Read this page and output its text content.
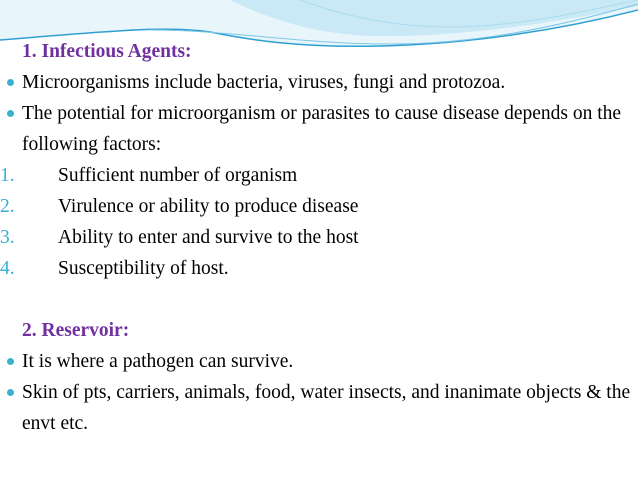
1. Infectious Agents:
Microorganisms include bacteria, viruses, fungi and protozoa.
The potential for microorganism or parasites to cause disease depends on the following factors:
1.	Sufficient number of organism
2.	Virulence or ability to produce disease
3.	Ability to enter and survive to the host
4.	Susceptibility of host.
2. Reservoir:
It is where a pathogen can survive.
Skin of pts, carriers, animals, food, water insects, and inanimate objects & the envt etc.
